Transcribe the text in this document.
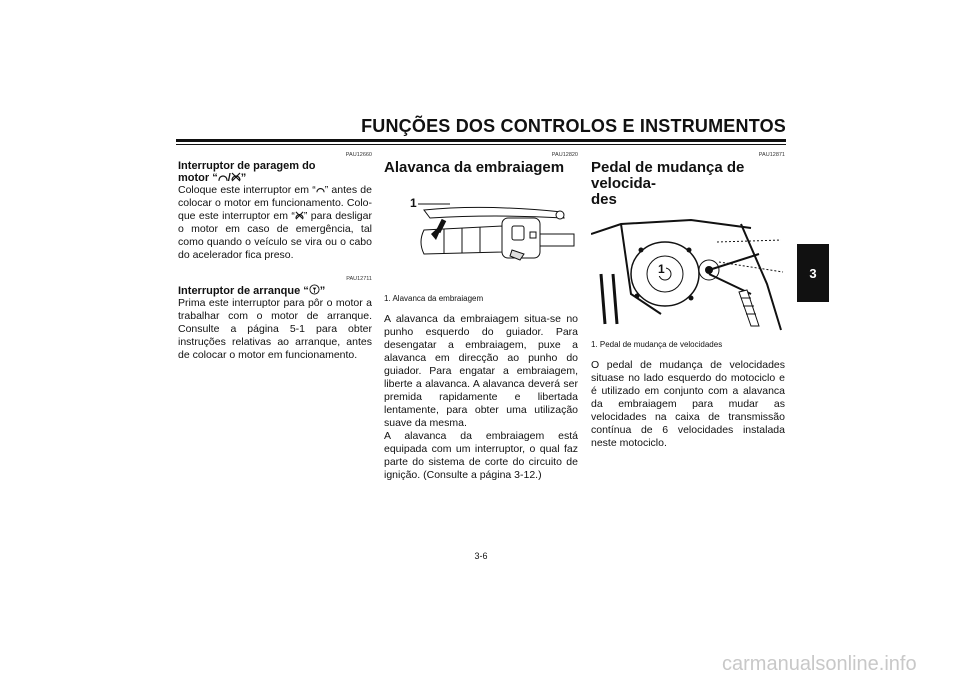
FUNÇÕES DOS CONTROLOS E INSTRUMENTOS
3
PAU12660

Interruptor de paragem do
motor “ / ”

Coloque este interruptor em “ ” antes de colocar o motor em funcionamento. Coloque este interruptor em “ ” para desligar o motor em caso de emergência, tal como quando o veículo se vira ou o cabo do acelerador fica preso.

PAU12711

Interruptor de arranque “ ”

Prima este interruptor para pôr o motor a trabalhar com o motor de arranque. Consulte a página 5-1 para obter instruções relativas ao arranque, antes de colocar o motor em funcionamento.

PAU12820

Alavanca da embraiagem

1

1. Alavanca da embraiagem

A alavanca da embraiagem situa-se no punho esquerdo do guiador. Para desengatar a embraiagem, puxe a alavanca em direcção ao punho do guiador. Para engatar a embraiagem, liberte a alavanca. A alavanca deverá ser premida rapidamente e libertada lentamente, para obter uma utilização suave da mesma.

A alavanca da embraiagem está equipada com um interruptor, o qual faz parte do sistema de corte do circuito de ignição. (Consulte a página 3-12.)

PAU12871

Pedal de mudança de velocida-
des

1

1. Pedal de mudança de velocidades

O pedal de mudança de velocidades situase no lado esquerdo do motociclo e é utilizado em conjunto com a alavanca da embraiagem para mudar as velocidades na caixa de transmissão contínua de 6 velocidades instalada neste motociclo.

3-6
carmanualsonline.info
